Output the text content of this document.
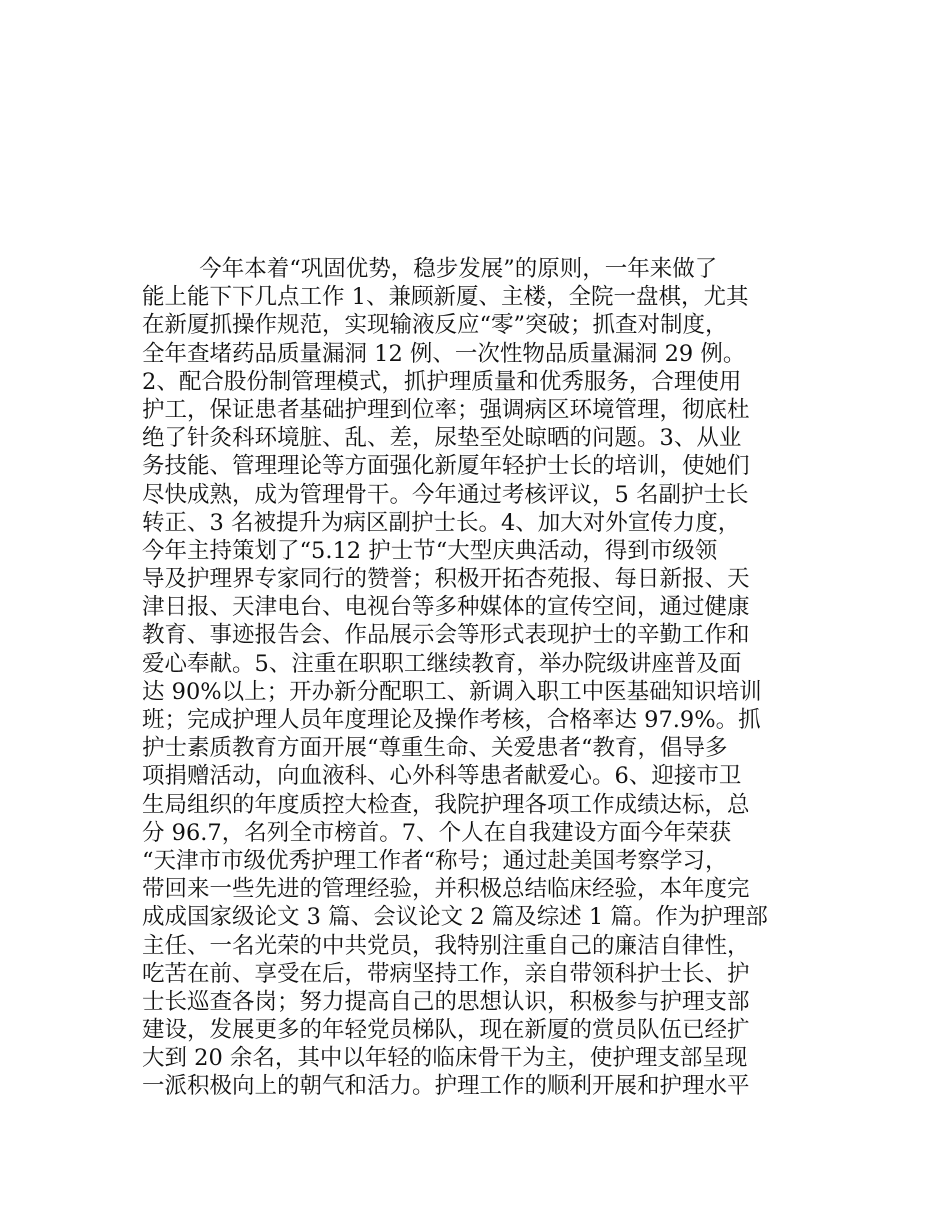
今年本着“巩固优势，稳步发展”的原则，一年来做了
能上能下下几点工作 1、兼顾新厦、主楼，全院一盘棋，尤其
在新厦抓操作规范，实现输液反应“零”突破；抓查对制度，
全年查堵药品质量漏洞 12 例、一次性物品质量漏洞 29 例。
2、配合股份制管理模式，抓护理质量和优秀服务，合理使用
护工，保证患者基础护理到位率；强调病区环境管理，彻底杜
绝了针灸科环境脏、乱、差，尿垫至处晾晒的问题。3、从业
务技能、管理理论等方面强化新厦年轻护士长的培训，使她们
尽快成熟，成为管理骨干。今年通过考核评议，5 名副护士长
转正、3 名被提升为病区副护士长。4、加大对外宣传力度，
今年主持策划了“5.12 护士节“大型庆典活动，得到市级领
导及护理界专家同行的赞誉；积极开拓杏苑报、每日新报、天
津日报、天津电台、电视台等多种媒体的宣传空间，通过健康
教育、事迹报告会、作品展示会等形式表现护士的辛勤工作和
爱心奉献。5、注重在职职工继续教育，举办院级讲座普及面
达 90%以上；开办新分配职工、新调入职工中医基础知识培训
班；完成护理人员年度理论及操作考核，合格率达 97.9%。抓
护士素质教育方面开展“尊重生命、关爱患者“教育，倡导多
项捐赠活动，向血液科、心外科等患者献爱心。6、迎接市卫
生局组织的年度质控大检查，我院护理各项工作成绩达标，总
分 96.7，名列全市榜首。7、个人在自我建设方面今年荣获
“天津市市级优秀护理工作者“称号；通过赴美国考察学习，
带回来一些先进的管理经验，并积极总结临床经验，本年度完
成成国家级论文 3 篇、会议论文 2 篇及综述 1 篇。作为护理部
主任、一名光荣的中共党员，我特别注重自己的廉洁自律性，
吃苦在前、享受在后，带病坚持工作，亲自带领科护士长、护
士长巡查各岗；努力提高自己的思想认识，积极参与护理支部
建设，发展更多的年轻党员梯队，现在新厦的赏员队伍已经扩
大到 20 余名，其中以年轻的临床骨干为主，使护理支部呈现
一派积极向上的朝气和活力。护理工作的顺利开展和护理水平
